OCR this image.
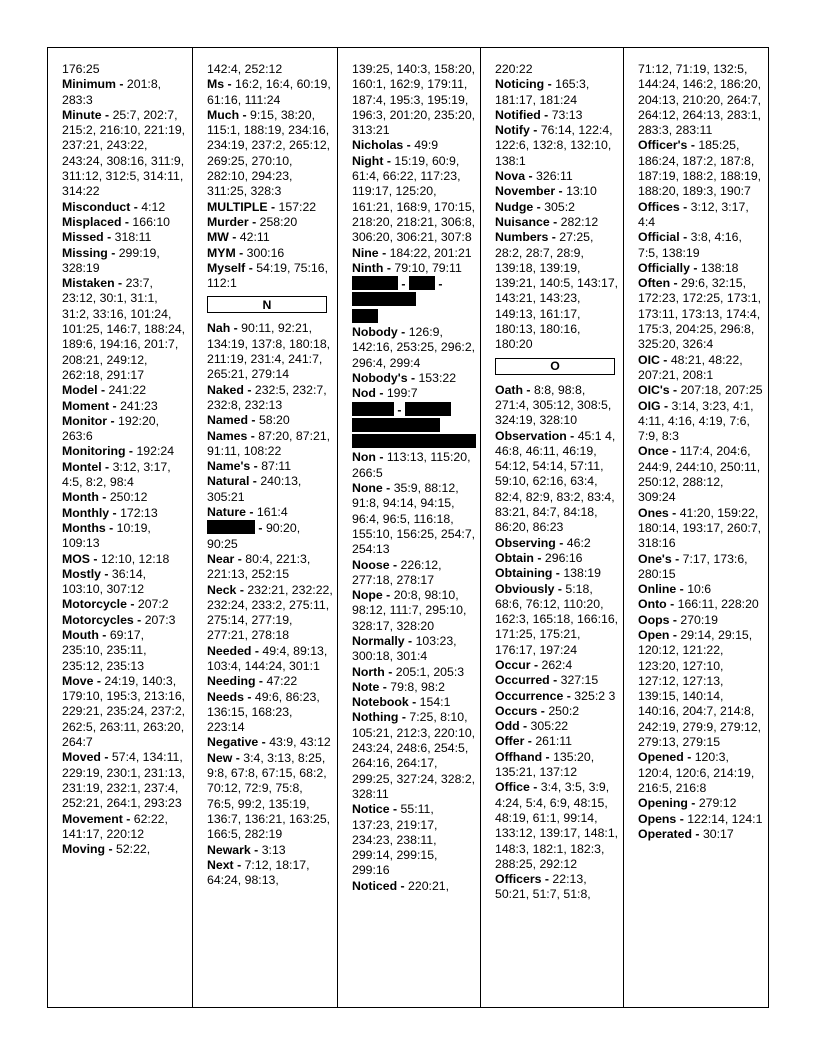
176:25

Minimum - 201:8, 283:3

Minute - 25:7, 202:7, 215:2, 216:10, 221:19, 237:21, 243:22, 243:24, 308:16, 311:9, 311:12, 312:5, 314:11, 314:22

Misconduct - 4:12

Misplaced - 166:10

Missed - 318:11

Missing - 299:19, 328:19

Mistaken - 23:7, 23:12, 30:1, 31:1, 31:2, 33:16, 101:24, 101:25, 146:7, 188:24, 189:6, 194:16, 201:7, 208:21, 249:12, 262:18, 291:17

Model - 241:22

Moment - 241:23

Monitor - 192:20, 263:6

Monitoring - 192:24

Montel - 3:12, 3:17, 4:5, 8:2, 98:4

Month - 250:12

Monthly - 172:13

Months - 10:19, 109:13

MOS - 12:10, 12:18

Mostly - 36:14, 103:10, 307:12

Motorcycle - 207:2

Motorcycles - 207:3

Mouth - 69:17, 235:10, 235:11, 235:12, 235:13

Move - 24:19, 140:3, 179:10, 195:3, 213:16, 229:21, 235:24, 237:2, 262:5, 263:11, 263:20, 264:7

Moved - 57:4, 134:11, 229:19, 230:1, 231:13, 231:19, 232:1, 237:4, 252:21, 264:1, 293:23

Movement - 62:22, 141:17, 220:12

Moving - 52:22,

142:4, 252:12

Ms - 16:2, 16:4, 60:19, 61:16, 111:24

Much - 9:15, 38:20, 115:1, 188:19, 234:16, 234:19, 237:2, 265:12, 269:25, 270:10, 282:10, 294:23, 311:25, 328:3

MULTIPLE - 157:22

Murder - 258:20

MW - 42:11

MYM - 300:16

Myself - 54:19, 75:16, 112:1

N

Nah - 90:11, 92:21, 134:19, 137:8, 180:18, 211:19, 231:4, 241:7, 265:21, 279:14

Naked - 232:5, 232:7, 232:8, 232:13

Named - 58:20

Names - 87:20, 87:21, 91:11, 108:22

Name's - 87:11

Natural - 240:13, 305:21

Nature - 161:4

- 90:20, 90:25

Near - 80:4, 221:3, 221:13, 252:15

Neck - 232:21, 232:22, 232:24, 233:2, 275:11, 275:14, 277:19, 277:21, 278:18

Needed - 49:4, 89:13, 103:4, 144:24, 301:1

Needing - 47:22

Needs - 49:6, 86:23, 136:15, 168:23, 223:14

Negative - 43:9, 43:12

New - 3:4, 3:13, 8:25, 9:8, 67:8, 67:15, 68:2, 70:12, 72:9, 75:8, 76:5, 99:2, 135:19, 136:7, 136:21, 163:25, 166:5, 282:19

Newark - 3:13

Next - 7:12, 18:17, 64:24, 98:13,

139:25, 140:3, 158:20, 160:1, 162:9, 179:11, 187:4, 195:3, 195:19, 196:3, 201:20, 235:20, 313:21

Nicholas - 49:9

Night - 15:19, 60:9, 61:4, 66:22, 117:23, 119:17, 125:20, 161:21, 168:9, 170:15, 218:20, 218:21, 306:8, 306:20, 306:21, 307:8

Nine - 184:22, 201:21

Ninth - 79:10, 79:11

-  -

Nobody - 126:9, 142:16, 253:25, 296:2, 296:4, 299:4

Nobody's - 153:22

Nod - 199:7

-

Non - 113:13, 115:20, 266:5

None - 35:9, 88:12, 91:8, 94:14, 94:15, 96:4, 96:5, 116:18, 155:10, 156:25, 254:7, 254:13

Noose - 226:12, 277:18, 278:17

Nope - 20:8, 98:10, 98:12, 111:7, 295:10, 328:17, 328:20

Normally - 103:23, 300:18, 301:4

North - 205:1, 205:3

Note - 79:8, 98:2

Notebook - 154:1

Nothing - 7:25, 8:10, 105:21, 212:3, 220:10, 243:24, 248:6, 254:5, 264:16, 264:17, 299:25, 327:24, 328:2, 328:11

Notice - 55:11, 137:23, 219:17, 234:23, 238:11, 299:14, 299:15, 299:16

Noticed - 220:21,

220:22

Noticing - 165:3, 181:17, 181:24

Notified - 73:13

Notify - 76:14, 122:4, 122:6, 132:8, 132:10, 138:1

Nova - 326:11

November - 13:10

Nudge - 305:2

Nuisance - 282:12

Numbers - 27:25, 28:2, 28:7, 28:9, 139:18, 139:19, 139:21, 140:5, 143:17, 143:21, 143:23, 149:13, 161:17, 180:13, 180:16, 180:20

O

Oath - 8:8, 98:8, 271:4, 305:12, 308:5, 324:19, 328:10

Observation - 45:1 4, 46:8, 46:11, 46:19, 54:12, 54:14, 57:11, 59:10, 62:16, 63:4, 82:4, 82:9, 83:2, 83:4, 83:21, 84:7, 84:18, 86:20, 86:23

Observing - 46:2

Obtain - 296:16

Obtaining - 138:19

Obviously - 5:18, 68:6, 76:12, 110:20, 162:3, 165:18, 166:16, 171:25, 175:21, 176:17, 197:24

Occur - 262:4

Occurred - 327:15

Occurrence - 325:2 3

Occurs - 250:2

Odd - 305:22

Offer - 261:11

Offhand - 135:20, 135:21, 137:12

Office - 3:4, 3:5, 3:9, 4:24, 5:4, 6:9, 48:15, 48:19, 61:1, 99:14, 133:12, 139:17, 148:1, 148:3, 182:1, 182:3, 288:25, 292:12

Officers - 22:13, 50:21, 51:7, 51:8,

71:12, 71:19, 132:5, 144:24, 146:2, 186:20, 204:13, 210:20, 264:7, 264:12, 264:13, 283:1, 283:3, 283:11

Officer's - 185:25, 186:24, 187:2, 187:8, 187:19, 188:2, 188:19, 188:20, 189:3, 190:7

Offices - 3:12, 3:17, 4:4

Official - 3:8, 4:16, 7:5, 138:19

Officially - 138:18

Often - 29:6, 32:15, 172:23, 172:25, 173:1, 173:11, 173:13, 174:4, 175:3, 204:25, 296:8, 325:20, 326:4

OIC - 48:21, 48:22, 207:21, 208:1

OIC's - 207:18, 207:25

OIG - 3:14, 3:23, 4:1, 4:11, 4:16, 4:19, 7:6, 7:9, 8:3

Once - 117:4, 204:6, 244:9, 244:10, 250:11, 250:12, 288:12, 309:24

Ones - 41:20, 159:22, 180:14, 193:17, 260:7, 318:16

One's - 7:17, 173:6, 280:15

Online - 10:6

Onto - 166:11, 228:20

Oops - 270:19

Open - 29:14, 29:15, 120:12, 121:22, 123:20, 127:10, 127:12, 127:13, 139:15, 140:14, 140:16, 204:7, 214:8, 242:19, 279:9, 279:12, 279:13, 279:15

Opened - 120:3, 120:4, 120:6, 214:19, 216:5, 216:8

Opening - 279:12

Opens - 122:14, 124:1

Operated - 30:17
